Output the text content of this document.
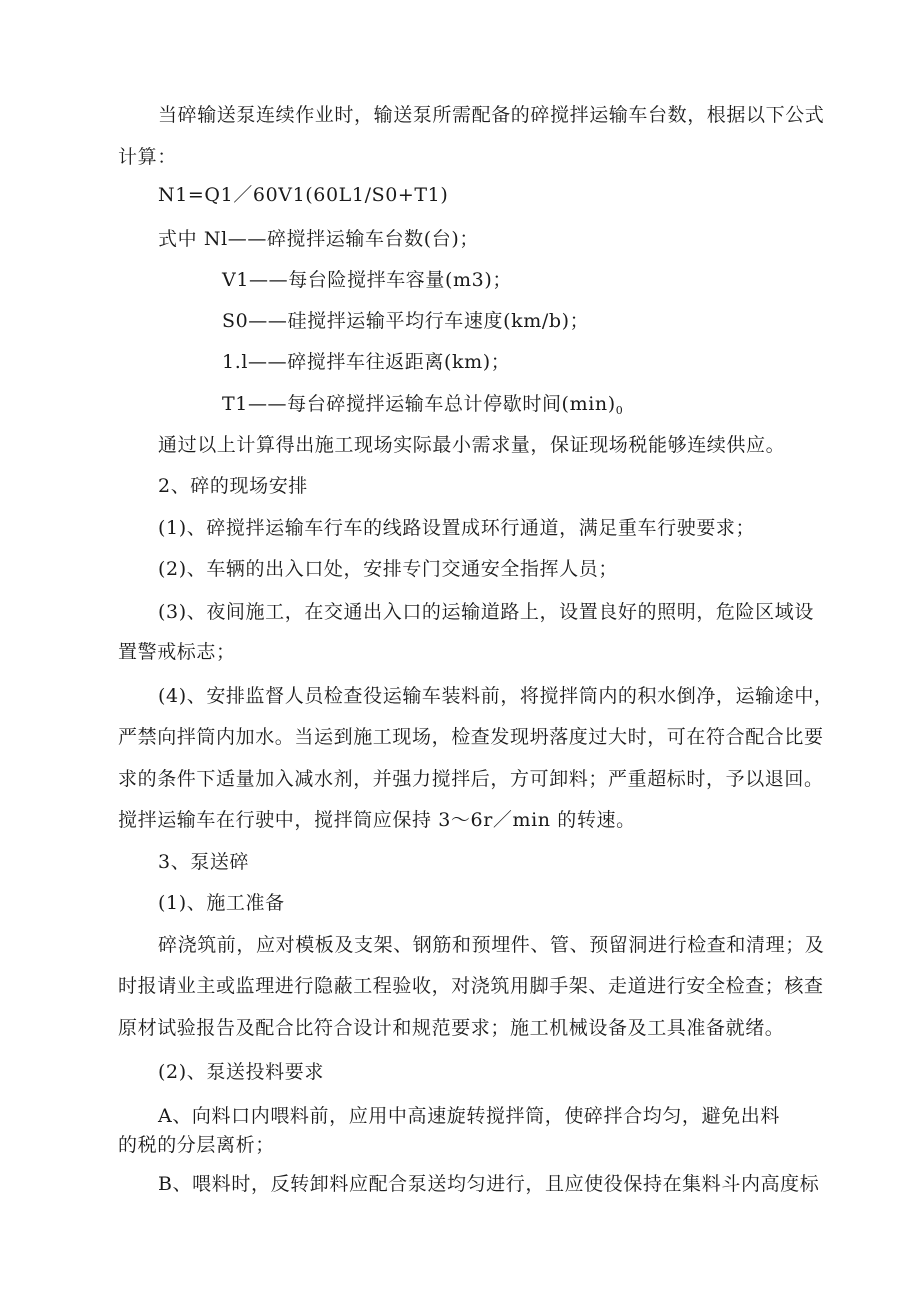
当碎输送泵连续作业时，输送泵所需配备的碎搅拌运输车台数，根据以下公式
计算：
N1=Q1／60V1(60L1/S0+T1)
式中 Nl——碎搅拌运输车台数(台)；
V1——每台险搅拌车容量(m3)；
S0——硅搅拌运输平均行车速度(km/b)；
1.l——碎搅拌车往返距离(km)；
T1——每台碎搅拌运输车总计停歇时间$(\min)_0$
通过以上计算得出施工现场实际最小需求量，保证现场税能够连续供应。
2、碎的现场安排
(1)、碎搅拌运输车行车的线路设置成环行通道，满足重车行驶要求；
(2)、车辆的出入口处，安排专门交通安全指挥人员；
(3)、夜间施工，在交通出入口的运输道路上，设置良好的照明，危险区域设
置警戒标志；
(4)、安排监督人员检查役运输车装料前，将搅拌筒内的积水倒净，运输途中，
严禁向拌筒内加水。当运到施工现场，检查发现坍落度过大时，可在符合配合比要
求的条件下适量加入减水剂，并强力搅拌后，方可卸料；严重超标时，予以退回。
搅拌运输车在行驶中，搅拌筒应保持 3～6r／min 的转速。
3、泵送碎
(1)、施工准备
碎浇筑前，应对模板及支架、钢筋和预埋件、管、预留洞进行检查和清理；及
时报请业主或监理进行隐蔽工程验收，对浇筑用脚手架、走道进行安全检查；核查
原材试验报告及配合比符合设计和规范要求；施工机械设备及工具准备就绪。
(2)、泵送投料要求
A、向料口内喂料前，应用中高速旋转搅拌筒，使碎拌合均匀，避免出料
的税的分层离析；
B、喂料时，反转卸料应配合泵送均匀进行，且应使役保持在集料斗内高度标
